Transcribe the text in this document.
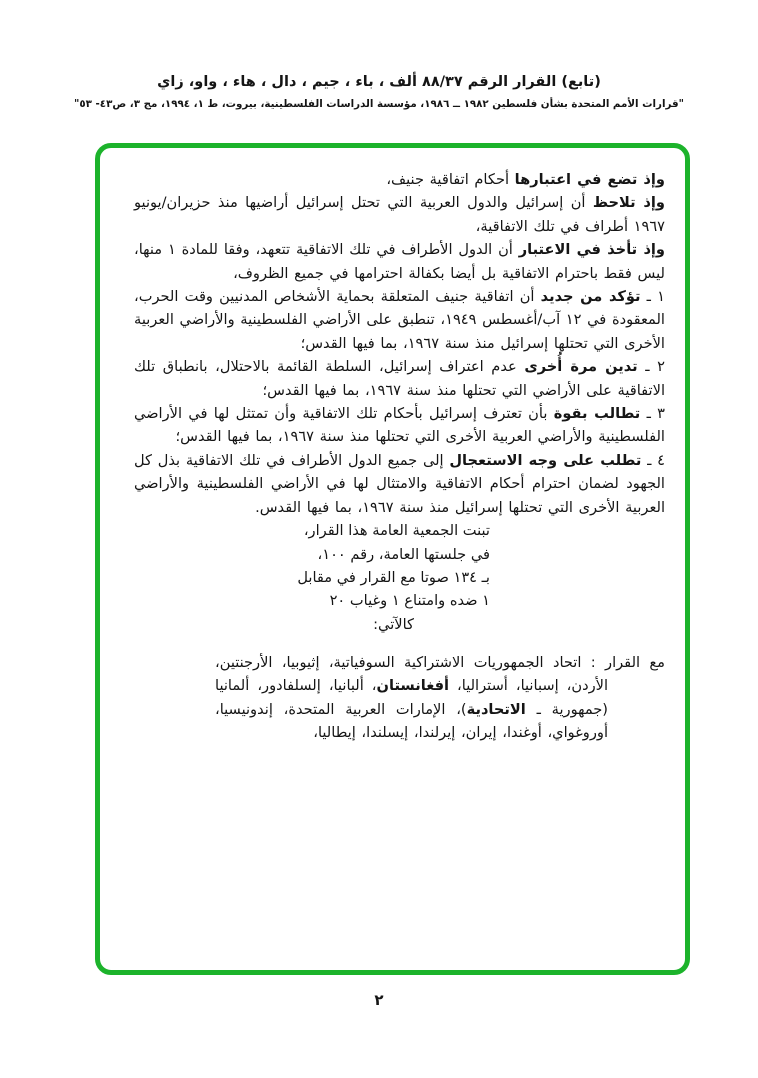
(تابع) القرار الرقم ٨٨/٣٧ ألف ، باء ، جيم ، دال ، هاء ، واو، زاي
"قرارات الأمم المتحدة بشأن فلسطين ١٩٨٢ ــ ١٩٨٦، مؤسسة الدراسات الفلسطينية، بيروت، ط ١، ١٩٩٤، مج ٣، ص٤٣- ٥٣"

وإذ تضع في اعتبارها أحكام اتفاقية جنيف،

وإذ تلاحظ أن إسرائيل والدول العربية التي تحتل إسرائيل أراضيها منذ حزيران/يونيو ١٩٦٧ أطراف في تلك الاتفاقية،

وإذ تأخذ في الاعتبار أن الدول الأطراف في تلك الاتفاقية تتعهد، وفقا للمادة ١ منها، ليس فقط باحترام الاتفاقية بل أيضا بكفالة احترامها في جميع الظروف،

١ ـ تؤكد من جديد أن اتفاقية جنيف المتعلقة بحماية الأشخاص المدنيين وقت الحرب، المعقودة في ١٢ آب/أغسطس ١٩٤٩، تنطبق على الأراضي الفلسطينية والأراضي العربية الأخرى التي تحتلها إسرائيل منذ سنة ١٩٦٧، بما فيها القدس؛

٢ ـ تدين مرة أُخرى عدم اعتراف إسرائيل، السلطة القائمة بالاحتلال، بانطباق تلك الاتفاقية على الأراضي التي تحتلها منذ سنة ١٩٦٧، بما فيها القدس؛

٣ ـ تطالب بقوة بأن تعترف إسرائيل بأحكام تلك الاتفاقية وأن تمتثل لها في الأراضي الفلسطينية والأراضي العربية الأخرى التي تحتلها منذ سنة ١٩٦٧، بما فيها القدس؛

٤ ـ تطلب على وجه الاستعجال إلى جميع الدول الأطراف في تلك الاتفاقية بذل كل الجهود لضمان احترام أحكام الاتفاقية والامتثال لها في الأراضي الفلسطينية والأراضي العربية الأخرى التي تحتلها إسرائيل منذ سنة ١٩٦٧، بما فيها القدس.

تبنت الجمعية العامة هذا القرار،
في جلستها العامة، رقم ١٠٠،
بـ ١٣٤ صوتا مع القرار في مقابل
١ ضده وامتناع ١ وغياب ٢٠
كالآتي:

مع القرار : اتحاد الجمهوريات الاشتراكية السوفياتية، إثيوبيا، الأرجنتين، الأردن، إسبانيا، أستراليا، أفغانستان، ألبانيا، إلسلفادور، ألمانيا (جمهورية ـ الاتحادية)، الإمارات العربية المتحدة، إندونيسيا، أوروغواي، أوغندا، إيران، إيرلندا، إيسلندا، إيطاليا،

٢
